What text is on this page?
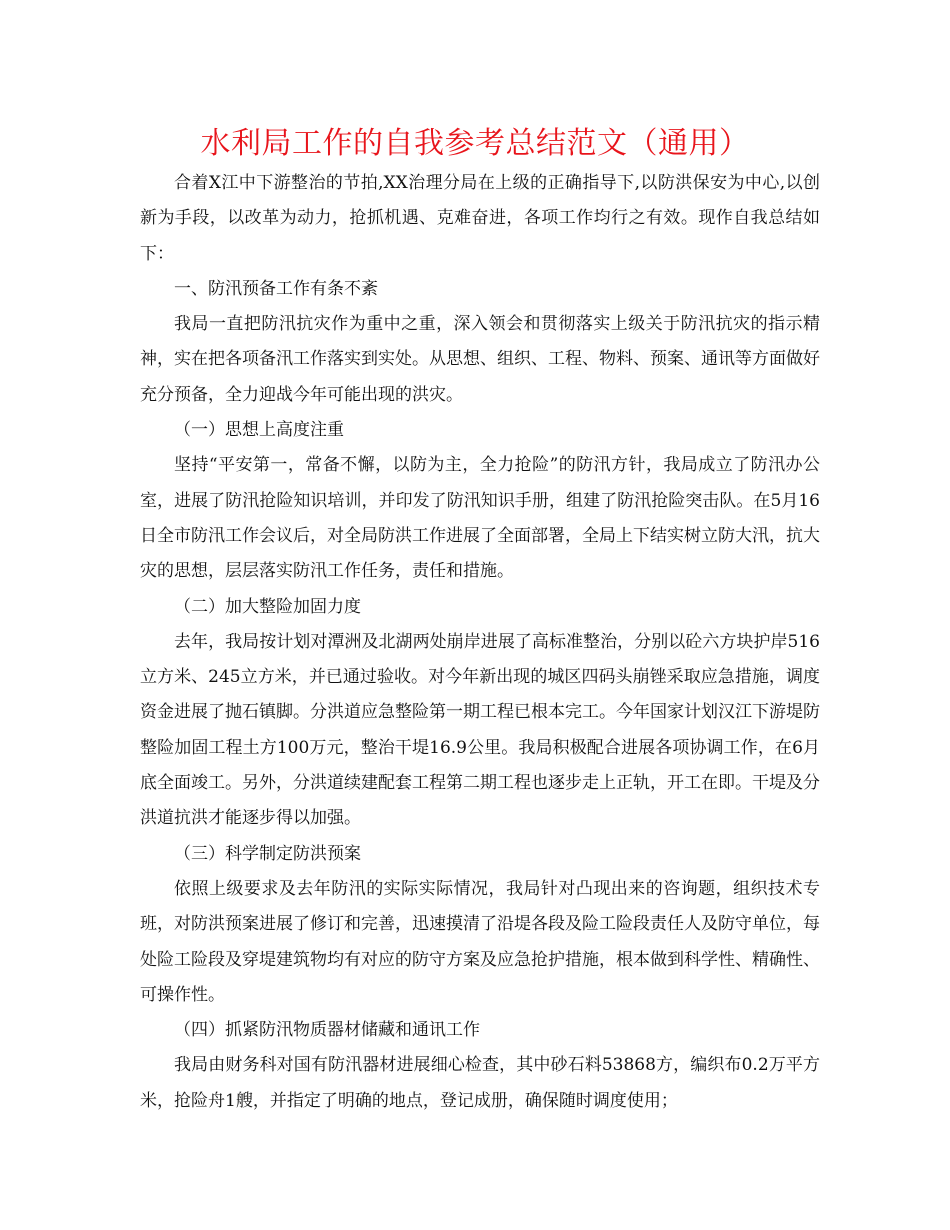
水利局工作的自我参考总结范文（通用）

合着X江中下游整治的节拍,XX治理分局在上级的正确指导下,以防洪保安为中心,以创新为手段，以改革为动力，抢抓机遇、克难奋进，各项工作均行之有效。现作自我总结如下：

一、防汛预备工作有条不紊

我局一直把防汛抗灾作为重中之重，深入领会和贯彻落实上级关于防汛抗灾的指示精神，实在把各项备汛工作落实到实处。从思想、组织、工程、物料、预案、通讯等方面做好充分预备，全力迎战今年可能出现的洪灾。

（一）思想上高度注重

坚持“平安第一，常备不懈，以防为主，全力抢险”的防汛方针，我局成立了防汛办公室，进展了防汛抢险知识培训，并印发了防汛知识手册，组建了防汛抢险突击队。在5月16日全市防汛工作会议后，对全局防洪工作进展了全面部署，全局上下结实树立防大汛，抗大灾的思想，层层落实防汛工作任务，责任和措施。

（二）加大整险加固力度

去年，我局按计划对潭洲及北湖两处崩岸进展了高标准整治，分别以砼六方块护岸516立方米、245立方米，并已通过验收。对今年新出现的城区四码头崩锉采取应急措施，调度资金进展了抛石镇脚。分洪道应急整险第一期工程已根本完工。今年国家计划汉江下游堤防整险加固工程土方100万元，整治干堤16.9公里。我局积极配合进展各项协调工作，在6月底全面竣工。另外，分洪道续建配套工程第二期工程也逐步走上正轨，开工在即。干堤及分洪道抗洪才能逐步得以加强。

（三）科学制定防洪预案

依照上级要求及去年防汛的实际实际情况，我局针对凸现出来的咨询题，组织技术专班，对防洪预案进展了修订和完善，迅速摸清了沿堤各段及险工险段责任人及防守单位，每处险工险段及穿堤建筑物均有对应的防守方案及应急抢护措施，根本做到科学性、精确性、可操作性。

（四）抓紧防汛物质器材储藏和通讯工作

我局由财务科对国有防汛器材进展细心检查，其中砂石料53868方，编织布0.2万平方米，抢险舟1艘，并指定了明确的地点，登记成册，确保随时调度使用；
